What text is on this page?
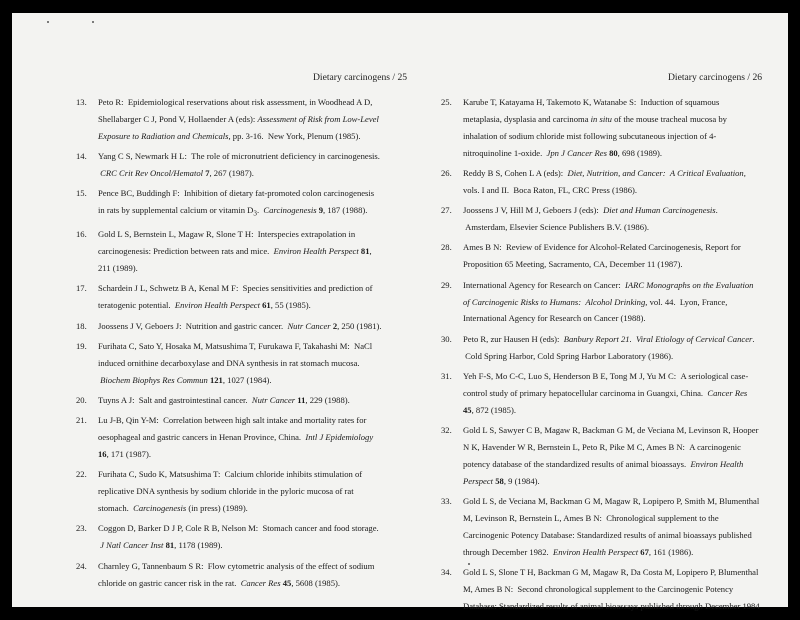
Dietary carcinogens / 25	Dietary carcinogens / 26
13. Peto R:  Epidemiological reservations about risk assessment, in Woodhead A D, Shellabarger C J, Pond V, Hollaender A (eds): Assessment of Risk from Low-Level Exposure to Radiation and Chemicals, pp. 3-16.  New York, Plenum (1985).
14. Yang C S, Newmark H L:  The role of micronutrient deficiency in carcinogenesis.  CRC Crit Rev Oncol/Hematol 7, 267 (1987).
15. Pence BC, Buddingh F:  Inhibition of dietary fat-promoted colon carcinogenesis in rats by supplemental calcium or vitamin $D_3$.  Carcinogenesis 9, 187 (1988).
16. Gold L S, Bernstein L, Magaw R, Slone T H:  Interspecies extrapolation in carcinogenesis: Prediction between rats and mice.  Environ Health Perspect 81, 211 (1989).
17. Schardein J L, Schwetz B A, Kenal M F:  Species sensitivities and prediction of teratogenic potential.  Environ Health Perspect 61, 55 (1985).
18. Joossens J V, Geboers J:  Nutrition and gastric cancer.  Nutr Cancer 2, 250 (1981).
19. Furihata C, Sato Y, Hosaka M, Matsushima T, Furukawa F, Takahashi M:  NaCl induced ornithine decarboxylase and DNA synthesis in rat stomach mucosa.  Biochem Biophys Res Commun 121, 1027 (1984).
20. Tuyns A J:  Salt and gastrointestinal cancer.  Nutr Cancer 11, 229 (1988).
21. Lu J-B, Qin Y-M:  Correlation between high salt intake and mortality rates for oesophageal and gastric cancers in Henan Province, China.  Intl J Epidemiology 16, 171 (1987).
22. Furihata C, Sudo K, Matsushima T:  Calcium chloride inhibits stimulation of replicative DNA synthesis by sodium chloride in the pyloric mucosa of rat stomach.  Carcinogenesis (in press) (1989).
23. Coggon D, Barker D J P, Cole R B, Nelson M:  Stomach cancer and food storage.  J Natl Cancer Inst 81, 1178 (1989).
24. Charnley G, Tannenbaum S R:  Flow cytometric analysis of the effect of sodium chloride on gastric cancer risk in the rat.  Cancer Res 45, 5608 (1985).
25. Karube T, Katayama H, Takemoto K, Watanabe S:  Induction of squamous metaplasia, dysplasia and carcinoma in situ of the mouse tracheal mucosa by inhalation of sodium chloride mist following subcutaneous injection of 4-nitroquinoline 1-oxide.  Jpn J Cancer Res 80, 698 (1989).
26. Reddy B S, Cohen L A (eds):  Diet, Nutrition, and Cancer:  A Critical Evaluation, vols. I and II.  Boca Raton, FL, CRC Press (1986).
27. Joossens J V, Hill M J, Geboers J (eds):  Diet and Human Carcinogenesis.  Amsterdam, Elsevier Science Publishers B.V. (1986).
28. Ames B N:  Review of Evidence for Alcohol-Related Carcinogenesis, Report for Proposition 65 Meeting, Sacramento, CA, December 11 (1987).
29. International Agency for Research on Cancer:  IARC Monographs on the Evaluation of Carcinogenic Risks to Humans:  Alcohol Drinking, vol. 44.  Lyon, France, International Agency for Research on Cancer (1988).
30. Peto R, zur Hausen H (eds):  Banbury Report 21.  Viral Etiology of Cervical Cancer.  Cold Spring Harbor, Cold Spring Harbor Laboratory (1986).
31. Yeh F-S, Mo C-C, Luo S, Henderson B E, Tong M J, Yu M C:  A seriological case-control study of primary hepatocellular carcinoma in Guangxi, China.  Cancer Res 45, 872 (1985).
32. Gold L S, Sawyer C B, Magaw R, Backman G M, de Veciana M, Levinson R, Hooper N K, Havender W R, Bernstein L, Peto R, Pike M C, Ames B N:  A carcinogenic potency database of the standardized results of animal bioassays.  Environ Health Perspect 58, 9 (1984).
33. Gold L S, de Veciana M, Backman G M, Magaw R, Lopipero P, Smith M, Blumenthal M, Levinson R, Bernstein L, Ames B N:  Chronological supplement to the Carcinogenic Potency Database: Standardized results of animal bioassays published through December 1982.  Environ Health Perspect 67, 161 (1986).
34. Gold L S, Slone T H, Backman G M, Magaw R, Da Costa M, Lopipero P, Blumenthal M, Ames B N:  Second chronological supplement to the Carcinogenic Potency Database: Standardized results of animal bioassays published through December 1984
